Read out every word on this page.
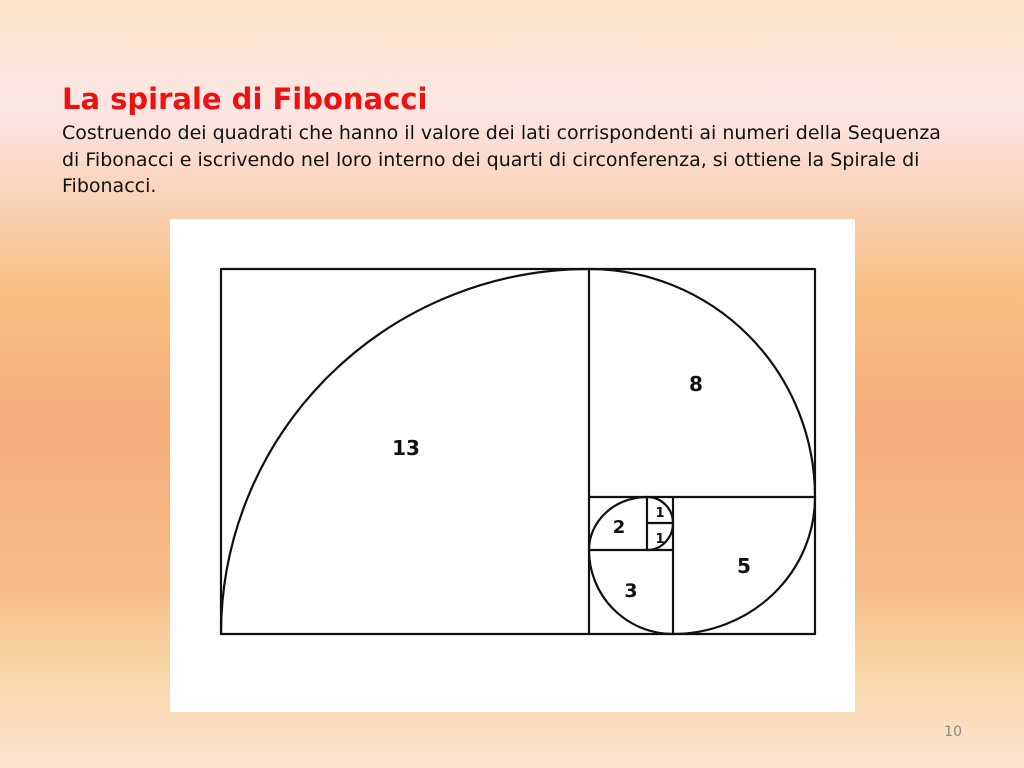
La spirale di Fibonacci

Costruendo dei quadrati che hanno il valore dei lati corrispondenti ai numeri della Sequenza di Fibonacci e iscrivendo nel loro interno dei quarti di circonferenza, si ottiene la Spirale di Fibonacci.

13
8
5
3
2
1
1
10
